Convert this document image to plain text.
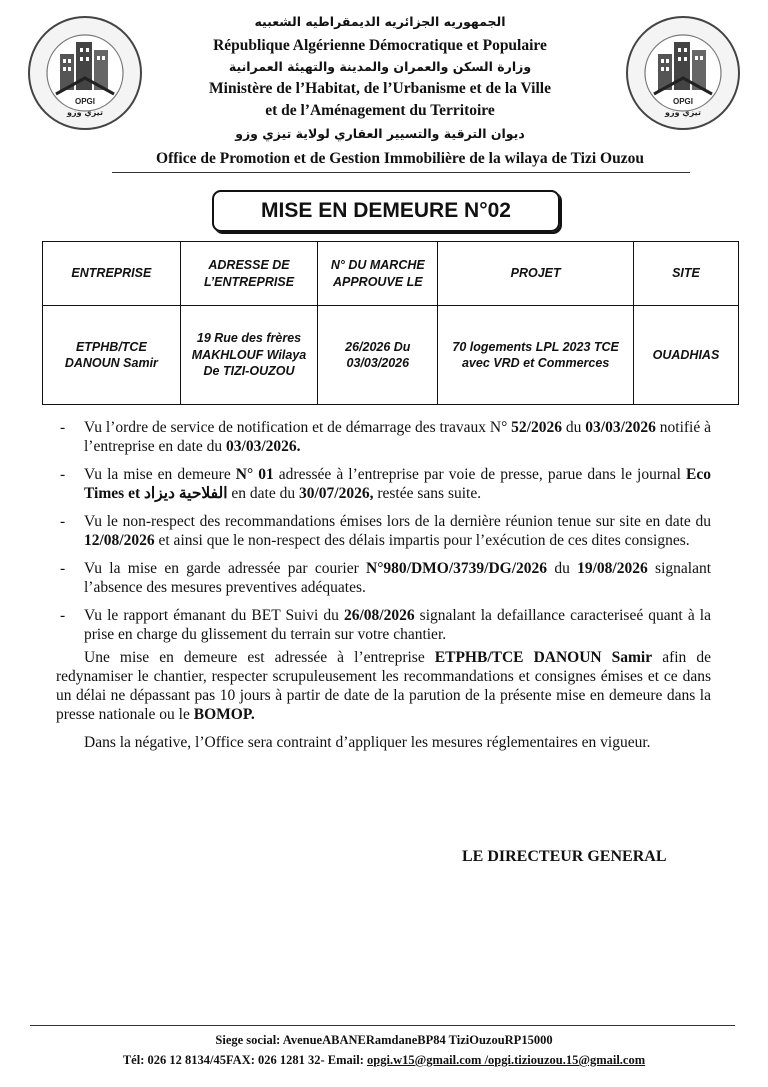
OPGI
تيزي وزو
OPGI
تيزي وزو
الجمهوريه الجزائريه الديمقراطيه الشعبيه
République Algérienne Démocratique et Populaire
وزارة السكن والعمران والمدينة والتهيئة العمرانية
Ministère de l’Habitat, de l’Urbanisme et de la Ville
et de l’Aménagement du Territoire
ديوان الترقية والتسيير العقاري لولاية تيزي وزو
Office de Promotion et de Gestion Immobilière de la wilaya de Tizi Ouzou
MISE EN DEMEURE N°02
ENTREPRISE	ADRESSE DE L’ENTREPRISE	N° DU MARCHE APPROUVE LE	PROJET	SITE
ETPHB/TCE DANOUN Samir	19 Rue des frères MAKHLOUF Wilaya De TIZI-OUZOU	26/2026 Du 03/03/2026	70 logements LPL 2023 TCE avec VRD et Commerces	OUADHIAS
- Vu l’ordre de service de notification et de démarrage des travaux N° 52/2026 du 03/03/2026 notifié à l’entreprise en date du 03/03/2026.
- Vu la mise en demeure N° 01 adressée à l’entreprise par voie de presse, parue dans le journal Eco Times et الفلاحية ديزاد en date du 30/07/2026, restée sans suite.
- Vu le non-respect des recommandations émises lors de la dernière réunion tenue sur site en date du 12/08/2026 et ainsi que le non-respect des délais impartis pour l’exécution de ces dites consignes.
- Vu la mise en garde adressée par courier N°980/DMO/3739/DG/2026 du 19/08/2026 signalant l’absence des mesures preventives adéquates.
- Vu le rapport émanant du BET Suivi du 26/08/2026 signalant la defaillance caracteriseé quant à la prise en charge du glissement du terrain sur votre chantier.

Une mise en demeure est adressée à l’entreprise ETPHB/TCE DANOUN Samir afin de redynamiser le chantier, respecter scrupuleusement les recommandations et consignes émises et ce dans un délai ne dépassant pas 10 jours à partir de date de la parution de la présente mise en demeure dans la presse nationale ou le BOMOP.

Dans la négative, l’Office sera contraint d’appliquer les mesures réglementaires en vigueur.

LE DIRECTEUR GENERAL
Siege social: AvenueABANERamdaneBP84 TiziOuzouRP15000
Tél: 026 12 8134/45FAX: 026 1281 32- Email: opgi.w15@gmail.com /opgi.tiziouzou.15@gmail.com
